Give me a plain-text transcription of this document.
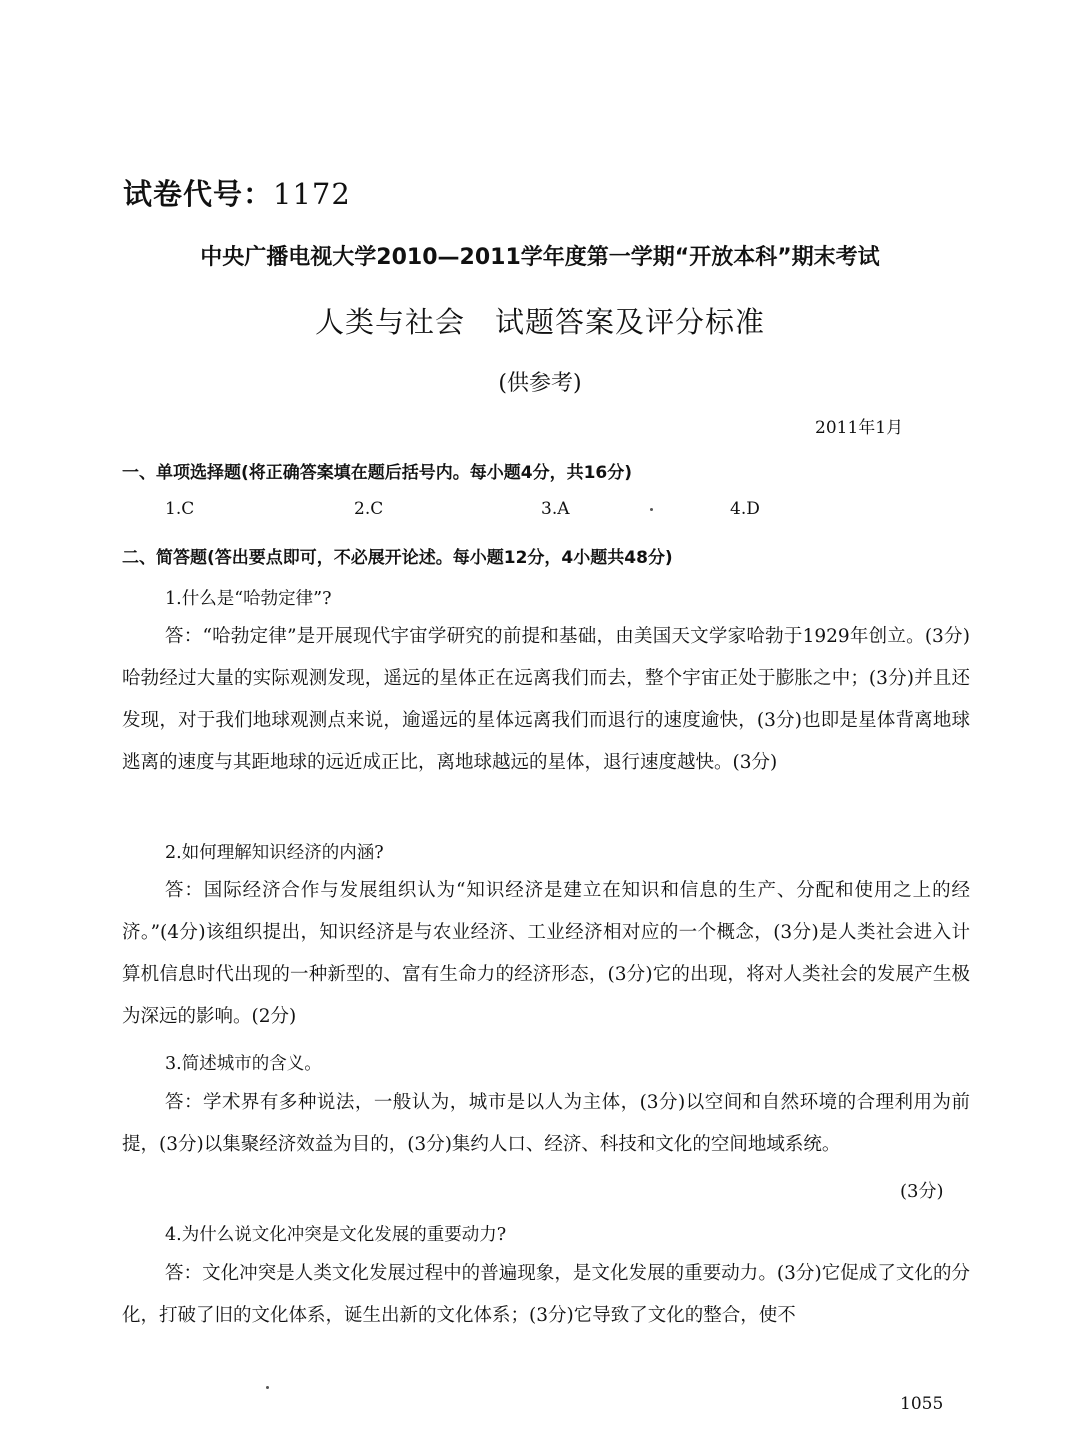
试卷代号：1172
中央广播电视大学2010—2011学年度第一学期“开放本科”期末考试
人类与社会　试题答案及评分标准
(供参考)
2011年1月
一、单项选择题(将正确答案填在题后括号内。每小题4分，共16分)
1.C	2.C	3.A	4.D
二、简答题(答出要点即可，不必展开论述。每小题12分，4小题共48分)
1.什么是“哈勃定律”?
答：“哈勃定律”是开展现代宇宙学研究的前提和基础，由美国天文学家哈勃于1929年创立。(3分)哈勃经过大量的实际观测发现，遥远的星体正在远离我们而去，整个宇宙正处于膨胀之中；(3分)并且还发现，对于我们地球观测点来说，逾遥远的星体远离我们而退行的速度逾快，(3分)也即是星体背离地球逃离的速度与其距地球的远近成正比，离地球越远的星体，退行速度越快。(3分)
2.如何理解知识经济的内涵?
答：国际经济合作与发展组织认为“知识经济是建立在知识和信息的生产、分配和使用之上的经济。”(4分)该组织提出，知识经济是与农业经济、工业经济相对应的一个概念，(3分)是人类社会进入计算机信息时代出现的一种新型的、富有生命力的经济形态，(3分)它的出现，将对人类社会的发展产生极为深远的影响。(2分)
3.简述城市的含义。
答：学术界有多种说法，一般认为，城市是以人为主体，(3分)以空间和自然环境的合理利用为前提，(3分)以集聚经济效益为目的，(3分)集约人口、经济、科技和文化的空间地域系统。
(3分)
4.为什么说文化冲突是文化发展的重要动力?
答：文化冲突是人类文化发展过程中的普遍现象，是文化发展的重要动力。(3分)它促成了文化的分化，打破了旧的文化体系，诞生出新的文化体系；(3分)它导致了文化的整合，使不
1055
